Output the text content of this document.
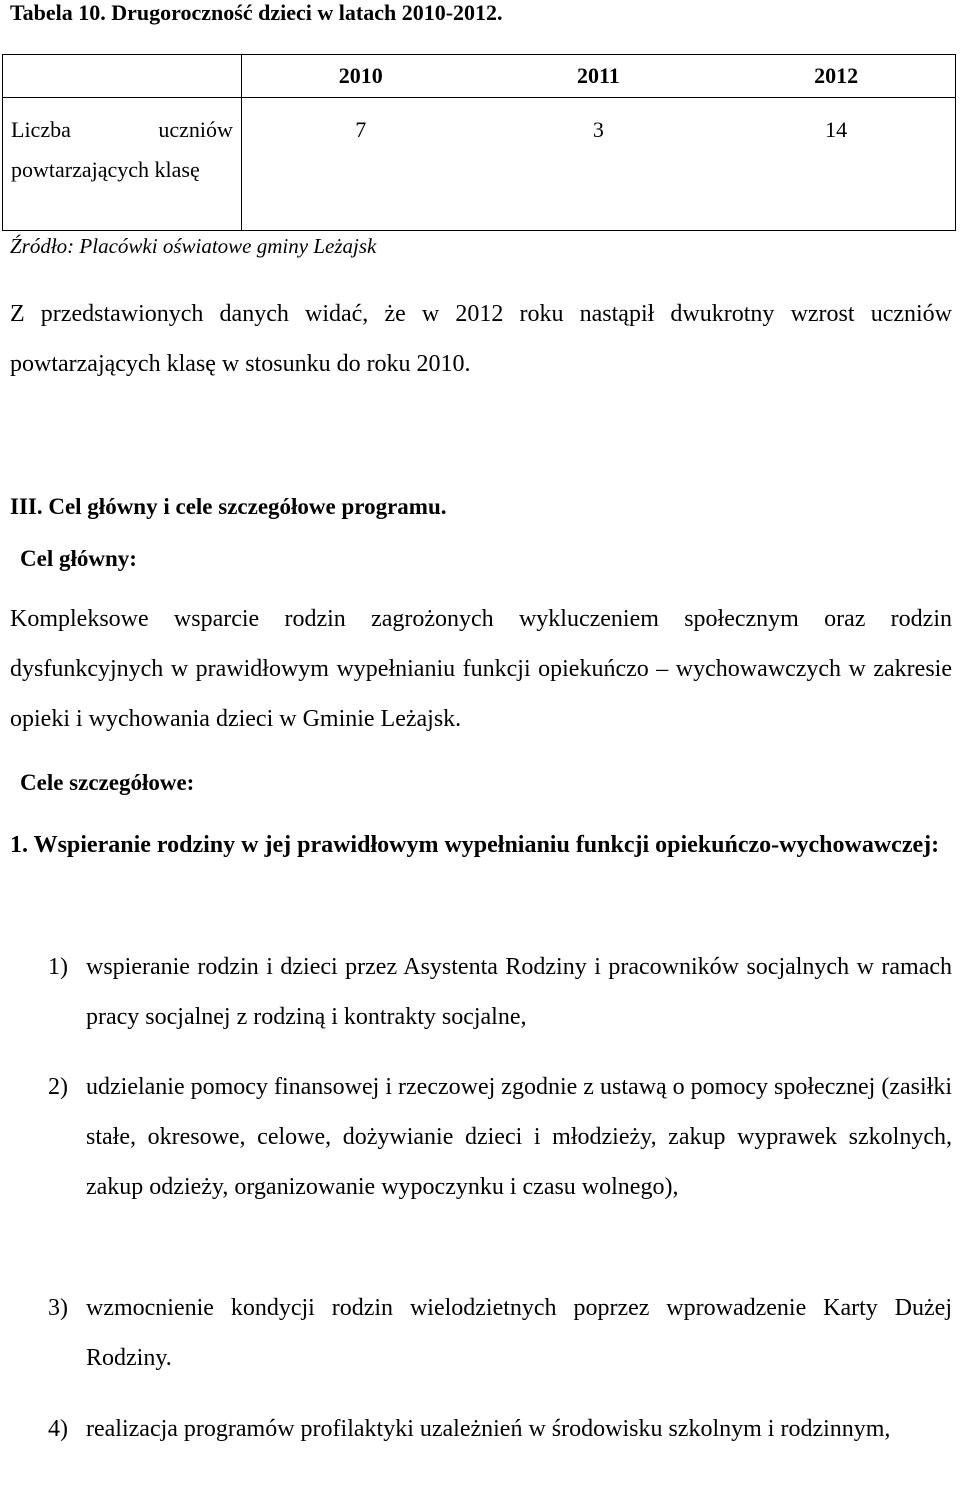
Tabela 10. Drugoroczność dzieci w latach 2010-2012.
	2010	2011	2012

Liczba uczniów
powtarzających klasę	7	3	14
Źródło: Placówki oświatowe gminy Leżajsk
Z przedstawionych danych widać, że w 2012 roku nastąpił dwukrotny wzrost uczniów powtarzających klasę w stosunku do roku 2010.
III. Cel główny i cele szczegółowe programu.
Cel główny:
Kompleksowe wsparcie rodzin zagrożonych wykluczeniem społecznym oraz rodzin dysfunkcyjnych w prawidłowym wypełnianiu funkcji opiekuńczo – wychowawczych w zakresie opieki i wychowania dzieci w Gminie Leżajsk.
Cele szczegółowe:
1. Wspieranie rodziny w jej prawidłowym wypełnianiu funkcji opiekuńczo-wychowawczej:
1) wspieranie rodzin i dzieci przez Asystenta Rodziny i pracowników socjalnych w ramach pracy socjalnej z rodziną i kontrakty socjalne,
2) udzielanie pomocy finansowej i rzeczowej zgodnie z ustawą o pomocy społecznej (zasiłki stałe, okresowe, celowe, dożywianie dzieci i młodzieży, zakup wyprawek szkolnych, zakup odzieży, organizowanie wypoczynku i czasu wolnego),
3) wzmocnienie kondycji rodzin wielodzietnych poprzez wprowadzenie Karty Dużej Rodziny.
4) realizacja programów profilaktyki uzależnień w środowisku szkolnym i rodzinnym,
